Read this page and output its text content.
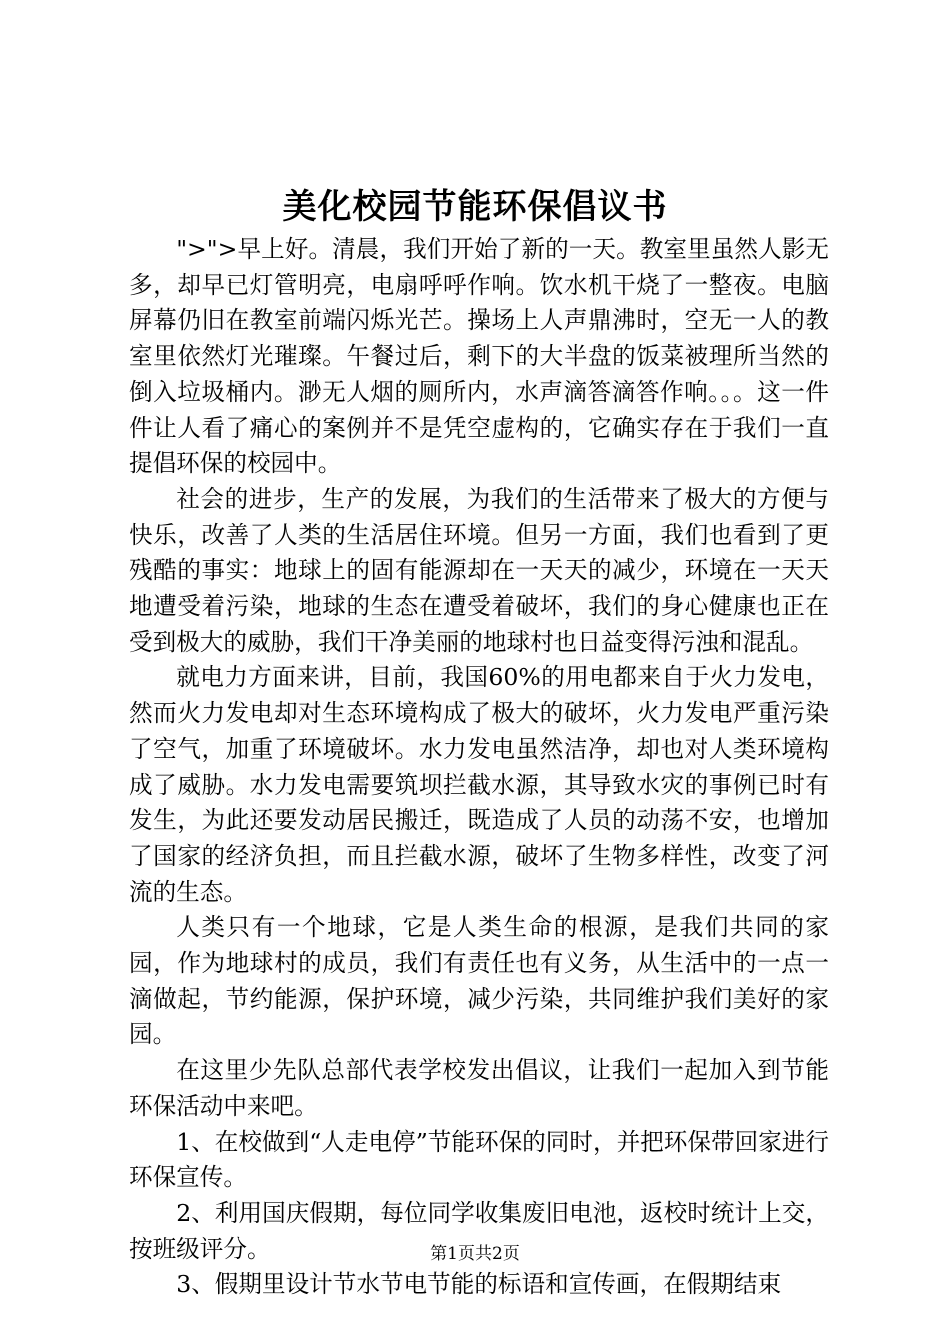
美化校园节能环保倡议书

">">早上好。清晨，我们开始了新的一天。教室里虽然人影无多，却早已灯管明亮，电扇呼呼作响。饮水机干烧了一整夜。电脑屏幕仍旧在教室前端闪烁光芒。操场上人声鼎沸时，空无一人的教室里依然灯光璀璨。午餐过后，剩下的大半盘的饭菜被理所当然的倒入垃圾桶内。渺无人烟的厕所内，水声滴答滴答作响。。。这一件件让人看了痛心的案例并不是凭空虚构的，它确实存在于我们一直提倡环保的校园中。

社会的进步，生产的发展，为我们的生活带来了极大的方便与快乐，改善了人类的生活居住环境。但另一方面，我们也看到了更残酷的事实：地球上的固有能源却在一天天的减少，环境在一天天地遭受着污染，地球的生态在遭受着破坏，我们的身心健康也正在受到极大的威胁，我们干净美丽的地球村也日益变得污浊和混乱。

就电力方面来讲，目前，我国60%的用电都来自于火力发电，然而火力发电却对生态环境构成了极大的破坏，火力发电严重污染了空气，加重了环境破坏。水力发电虽然洁净，却也对人类环境构成了威胁。水力发电需要筑坝拦截水源，其导致水灾的事例已时有发生，为此还要发动居民搬迁，既造成了人员的动荡不安，也增加了国家的经济负担，而且拦截水源，破坏了生物多样性，改变了河流的生态。

人类只有一个地球，它是人类生命的根源，是我们共同的家园，作为地球村的成员，我们有责任也有义务，从生活中的一点一滴做起，节约能源，保护环境，减少污染，共同维护我们美好的家园。

在这里少先队总部代表学校发出倡议，让我们一起加入到节能环保活动中来吧。

1、在校做到“人走电停”节能环保的同时，并把环保带回家进行环保宣传。

2、利用国庆假期，每位同学收集废旧电池，返校时统计上交，按班级评分。

3、假期里设计节水节电节能的标语和宣传画，在假期结束

第1页共2页
